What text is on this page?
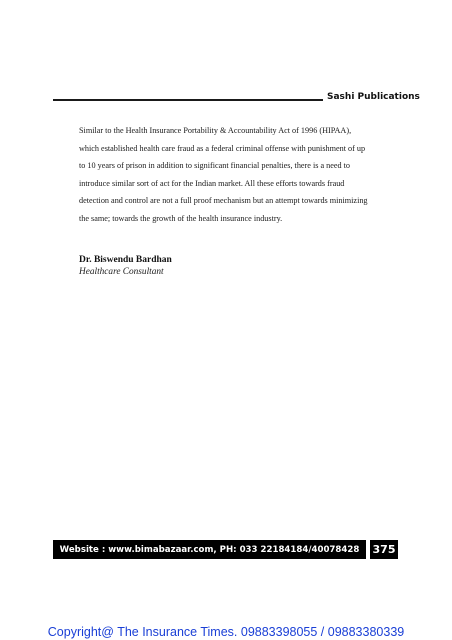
Sashi Publications

Similar to the Health Insurance Portability & Accountability Act of 1996 (HIPAA),
which established health care fraud as a federal criminal offense with punishment of up
to 10 years of prison in addition to significant financial penalties, there is a need to
introduce similar sort of act for the Indian market. All these efforts towards fraud
detection and control are not a full proof mechanism but an attempt towards minimizing
the same; towards the growth of the health insurance industry.

Dr. Biswendu Bardhan
Healthcare Consultant
Website : www.bimabazaar.com, PH: 033 22184184/40078428 375
Copyright@ The Insurance Times. 09883398055 / 09883380339
